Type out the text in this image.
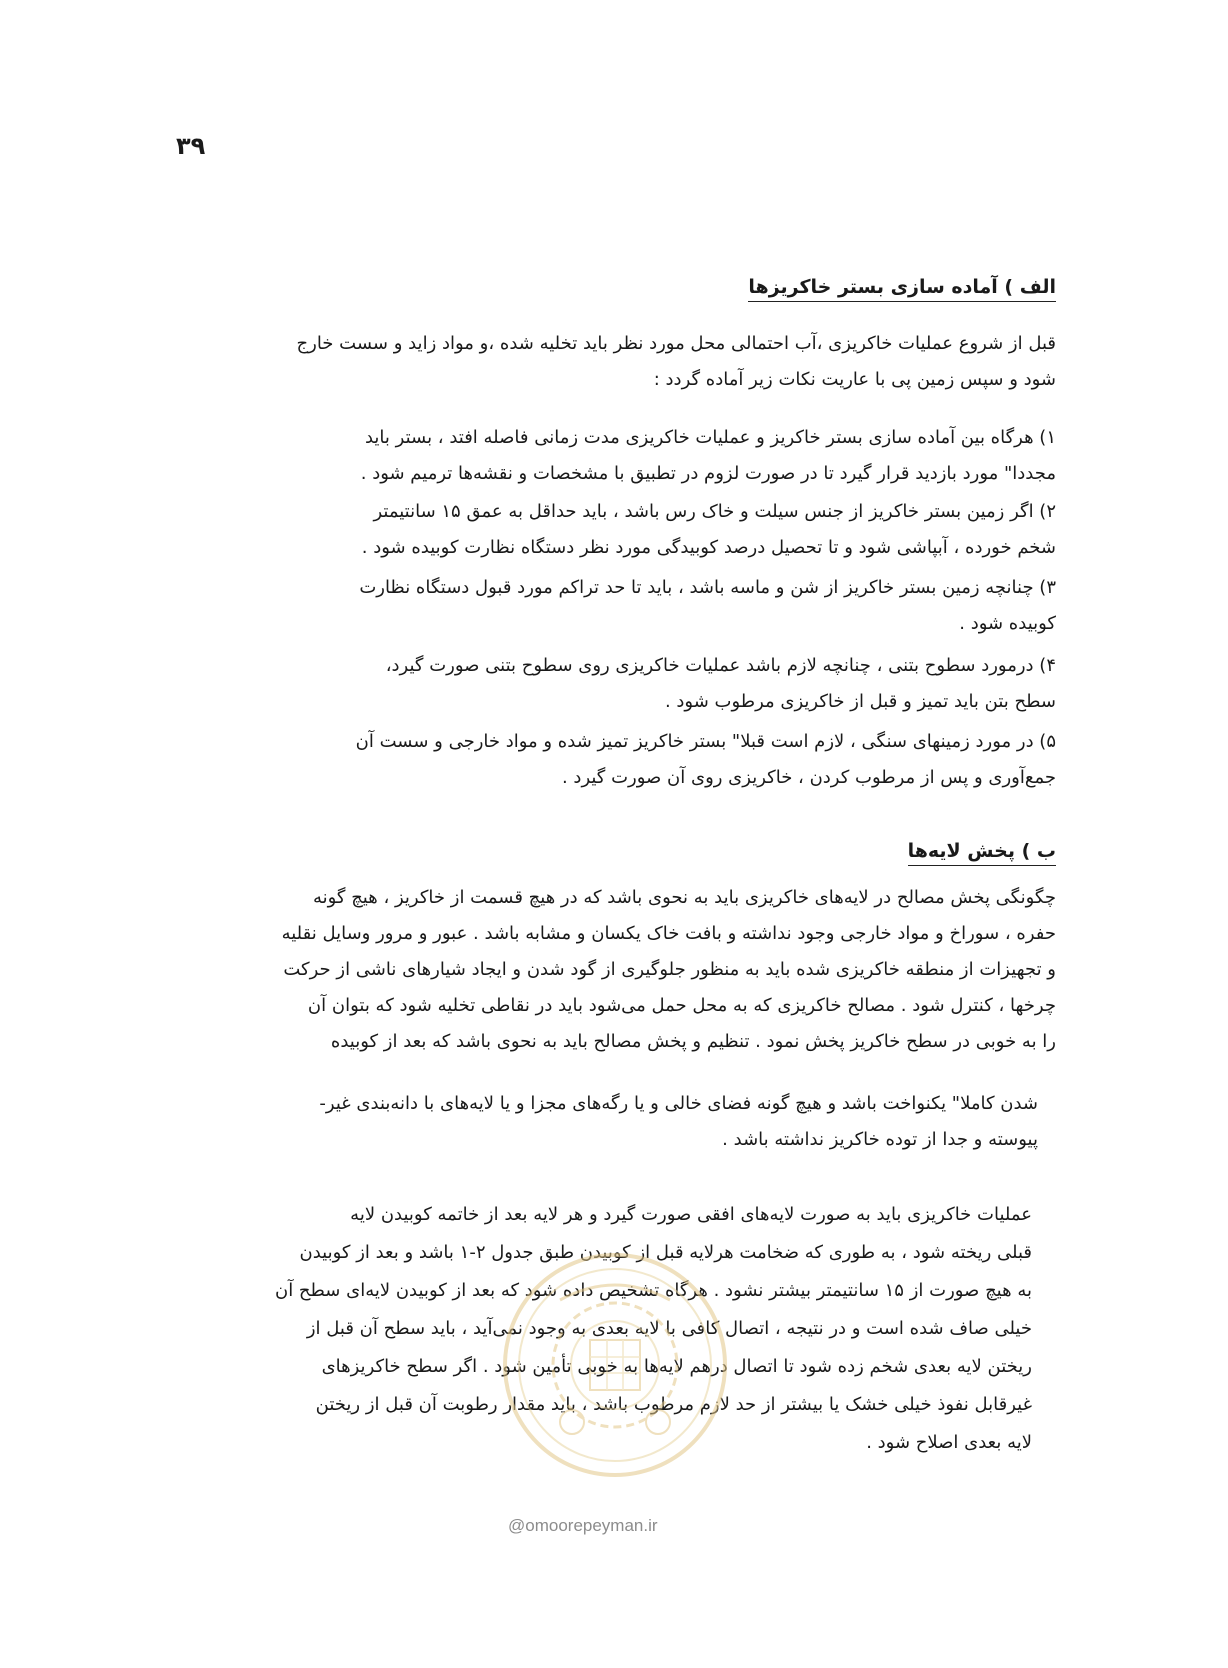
۳۹
الف ) آماده سازی بستر خاکریزها
قبل از شروع عملیات خاکریزی ،آب احتمالی محل مورد نظر باید تخلیه شده ،و مواد زاید و سست خارج
شود و سپس زمین پی با عاریت نکات زیر آماده گردد :
۱) هرگاه بین آماده سازی بستر خاکریز و عملیات خاکریزی مدت زمانی فاصله افتد ، بستر باید
مجددا" مورد بازدید قرار گیرد تا در صورت لزوم در تطبیق با مشخصات و نقشه‌ها ترمیم شود .
۲) اگر زمین بستر خاکریز از جنس سیلت و خاک رس باشد ، باید حداقل به عمق ۱۵ سانتیمتر
شخم خورده ، آبپاشی شود و تا تحصیل درصد کوبیدگی مورد نظر دستگاه نظارت کوبیده شود .
۳) چنانچه زمین بستر خاکریز از شن و ماسه باشد ، باید تا حد تراکم مورد قبول دستگاه نظارت
کوبیده شود .
۴) درمورد سطوح بتنی ، چنانچه لازم باشد عملیات خاکریزی روی سطوح بتنی صورت گیرد،
سطح بتن باید تمیز و قبل از خاکریزی مرطوب شود .
۵) در مورد زمینهای سنگی ، لازم است قبلا" بستر خاکریز تمیز شده و مواد خارجی و سست آن
جمع‌آوری و پس از مرطوب کردن ، خاکریزی روی آن صورت گیرد .
ب ) پخش لایه‌ها
چگونگی پخش مصالح در لایه‌های خاکریزی باید به نحوی باشد که در هیچ قسمت از خاکریز ، هیچ گونه
حفره ، سوراخ و مواد خارجی وجود نداشته و بافت خاک یکسان و مشابه باشد . عبور و مرور وسایل نقلیه
و تجهیزات از منطقه خاکریزی شده باید به منظور جلوگیری از گود شدن و ایجاد شیارهای ناشی از حرکت
چرخها ، کنترل شود . مصالح خاکریزی که به محل حمل می‌شود باید در نقاطی تخلیه شود که بتوان آن
را به خوبی در سطح خاکریز پخش نمود . تنظیم و پخش مصالح باید به نحوی باشد که بعد از کوبیده
شدن کاملا" یکنواخت باشد و هیچ گونه فضای خالی و یا رگه‌های مجزا و یا لایه‌های با دانه‌بندی غیر-
پیوسته و جدا از توده خاکریز نداشته باشد .
عملیات خاکریزی باید به صورت لایه‌های افقی صورت گیرد و هر لایه بعد از خاتمه کوبیدن لایه
قبلی ریخته شود ، به طوری که ضخامت هرلایه قبل از کوبیدن طبق جدول ۲-۱ باشد و بعد از کوبیدن
به هیچ صورت از ۱۵ سانتیمتر بیشتر نشود . هرگاه تشخیص داده شود که بعد از کوبیدن لایه‌ای سطح آن
خیلی صاف شده است و در نتیجه ، اتصال کافی با لایه بعدی به وجود نمی‌آید ، باید سطح آن قبل از
ریختن لایه بعدی شخم زده شود تا اتصال درهم لایه‌ها به خوبی تأمین شود . اگر سطح خاکریزهای
غیرقابل نفوذ خیلی خشک یا بیشتر از حد لازم مرطوب باشد ، باید مقدار رطوبت آن قبل از ریختن
لایه بعدی اصلاح شود .
@omoorepeyman.ir
